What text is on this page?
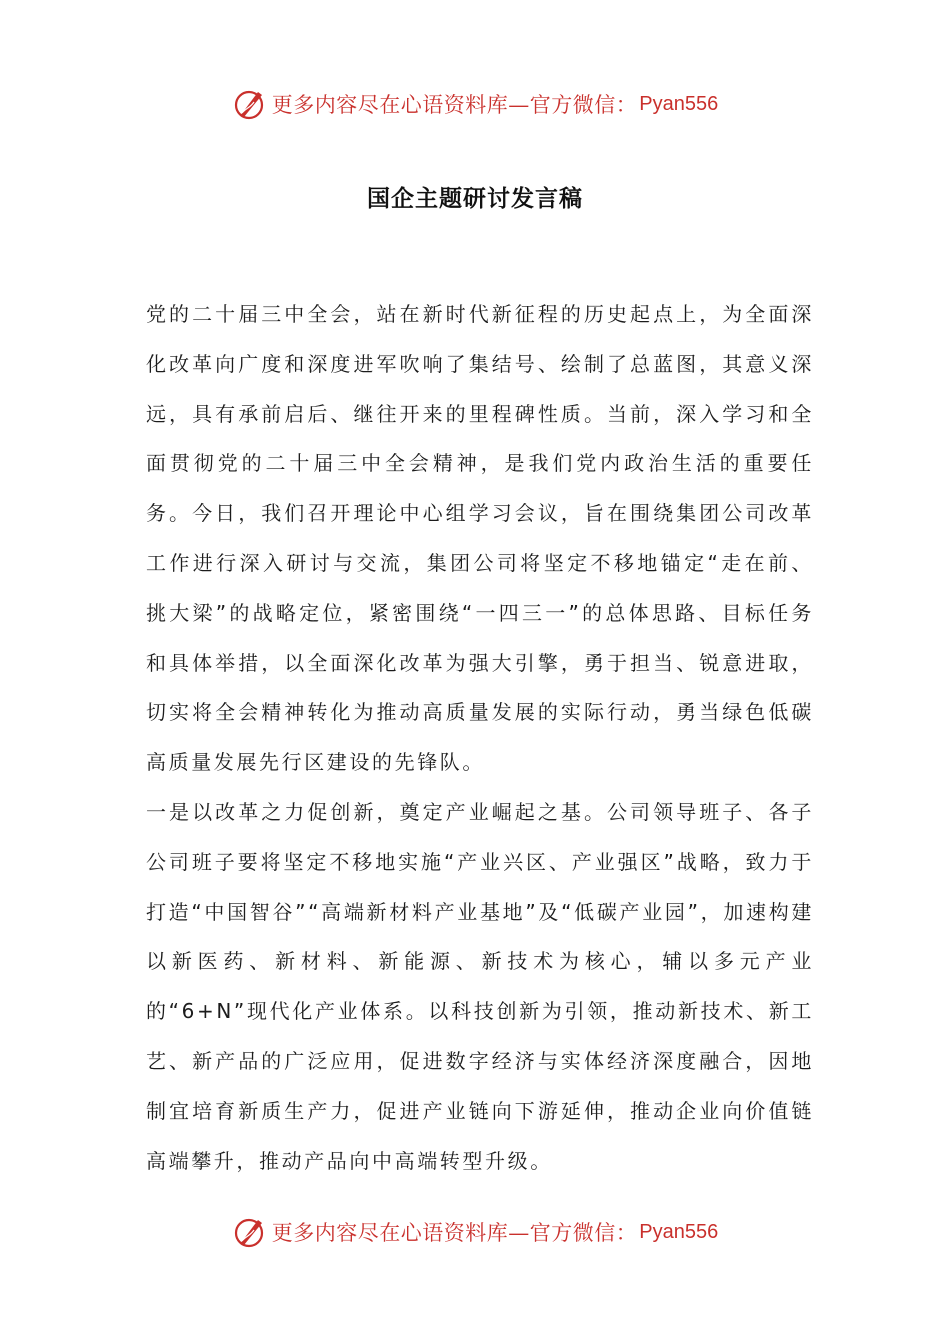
更多内容尽在心语资料库—官方微信： Pyan556
国企主题研讨发言稿

党的二十届三中全会，站在新时代新征程的历史起点上，为全面深化改革向广度和深度进军吹响了集结号、绘制了总蓝图，其意义深远，具有承前启后、继往开来的里程碑性质。当前，深入学习和全面贯彻党的二十届三中全会精神，是我们党内政治生活的重要任务。今日，我们召开理论中心组学习会议，旨在围绕集团公司改革工作进行深入研讨与交流，集团公司将坚定不移地锚定“走在前、挑大梁”的战略定位，紧密围绕“一四三一”的总体思路、目标任务和具体举措，以全面深化改革为强大引擎，勇于担当、锐意进取，切实将全会精神转化为推动高质量发展的实际行动，勇当绿色低碳高质量发展先行区建设的先锋队。

一是以改革之力促创新，奠定产业崛起之基。公司领导班子、各子公司班子要将坚定不移地实施“产业兴区、产业强区”战略，致力于打造“中国智谷”“高端新材料产业基地”及“低碳产业园”，加速构建以新医药、新材料、新能源、新技术为核心，辅以多元产业的“6+N”现代化产业体系。以科技创新为引领，推动新技术、新工艺、新产品的广泛应用，促进数字经济与实体经济深度融合，因地制宜培育新质生产力，促进产业链向下游延伸，推动企业向价值链高端攀升，推动产品向中高端转型升级。

更多内容尽在心语资料库—官方微信： Pyan556
